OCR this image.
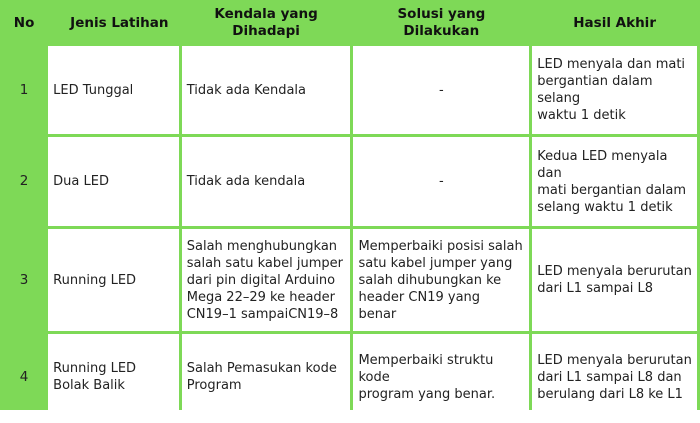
No	Jenis Latihan	Kendala yang
Dihadapi	Solusi yang
Dilakukan	Hasil Akhir
1	LED Tunggal	Tidak ada Kendala	-	LED menyala dan mati
bergantian dalam selang
waktu 1 detik
2	Dua LED	Tidak ada kendala	-	Kedua LED menyala dan
mati bergantian dalam
selang waktu 1 detik
3	Running LED	Salah menghubungkan
salah satu kabel jumper
dari pin digital Arduino
Mega 22–29 ke header
CN19–1 sampaiCN19–8	Memperbaiki posisi salah
satu kabel jumper yang
salah dihubungkan ke
header CN19 yang
benar	LED menyala berurutan
dari L1 sampai L8
4	Running LED
Bolak Balik	Salah Pemasukan kode
Program	Memperbaiki struktu kode
program yang benar.	LED menyala berurutan
dari L1 sampai L8 dan
berulang dari L8 ke L1
